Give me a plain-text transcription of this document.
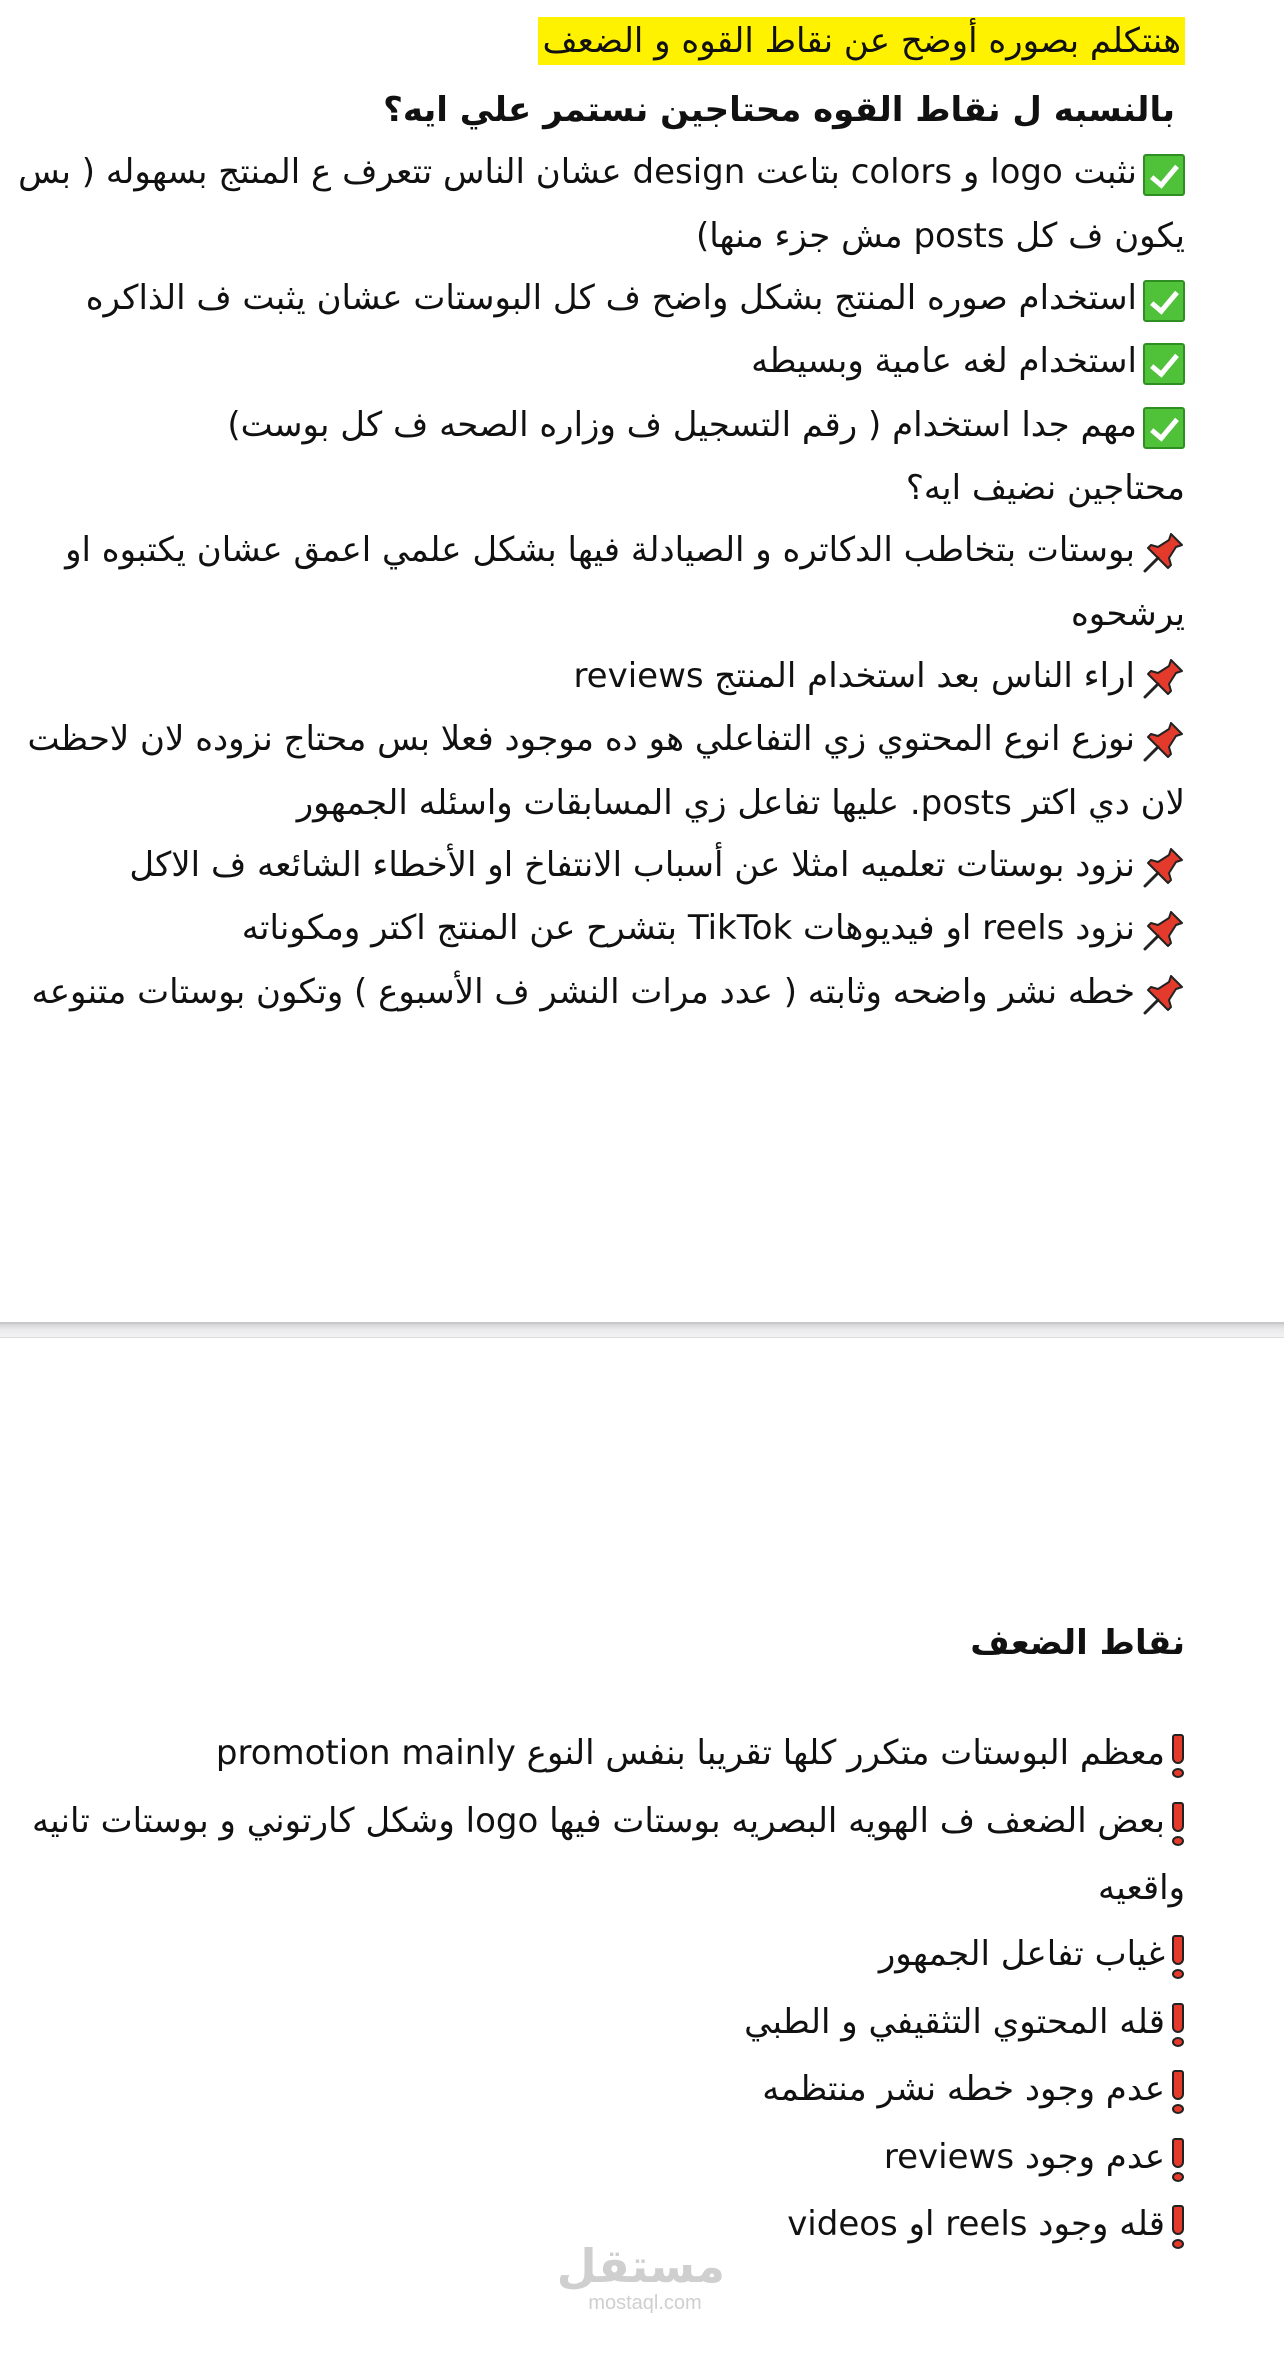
هنتكلم بصوره أوضح عن نقاط القوه و الضعف
بالنسبه ل نقاط القوه محتاجين نستمر علي ايه؟
نثبت logo و colors بتاعت design عشان الناس تتعرف ع المنتج بسهوله ( بس يكون ف كل posts مش جزء منها)
استخدام صوره المنتج بشكل واضح ف كل البوستات عشان يثبت ف الذاكره
استخدام لغه عامية وبسيطه
مهم جدا استخدام ( رقم التسجيل ف وزاره الصحه ف كل بوست)
محتاجين نضيف ايه؟
بوستات بتخاطب الدكاتره و الصيادلة فيها بشكل علمي اعمق عشان يكتبوه او يرشحوه
اراء الناس بعد استخدام المنتج reviews
نوزع انوع المحتوي زي التفاعلي هو ده موجود فعلا بس محتاج نزوده لان لاحظت لان دي اكتر posts. عليها تفاعل زي المسابقات واسئله الجمهور
نزود بوستات تعلميه امثلا عن أسباب الانتفاخ او الأخطاء الشائعه ف الاكل
نزود reels او فيديوهات TikTok بتشرح عن المنتج اكتر ومكوناته
خطه نشر واضحه وثابته ( عدد مرات النشر ف الأسبوع ) وتكون بوستات متنوعه
نقاط الضعف
معظم البوستات متكرر كلها تقريبا بنفس النوع promotion mainly
بعض الضعف ف الهويه البصريه بوستات فيها logo وشكل كارتوني و بوستات تانيه واقعيه
غياب تفاعل الجمهور
قله المحتوي التثقيفي و الطبي
عدم وجود خطه نشر منتظمه
عدم وجود reviews
قله وجود reels او videos
مستقل
mostaql.com
